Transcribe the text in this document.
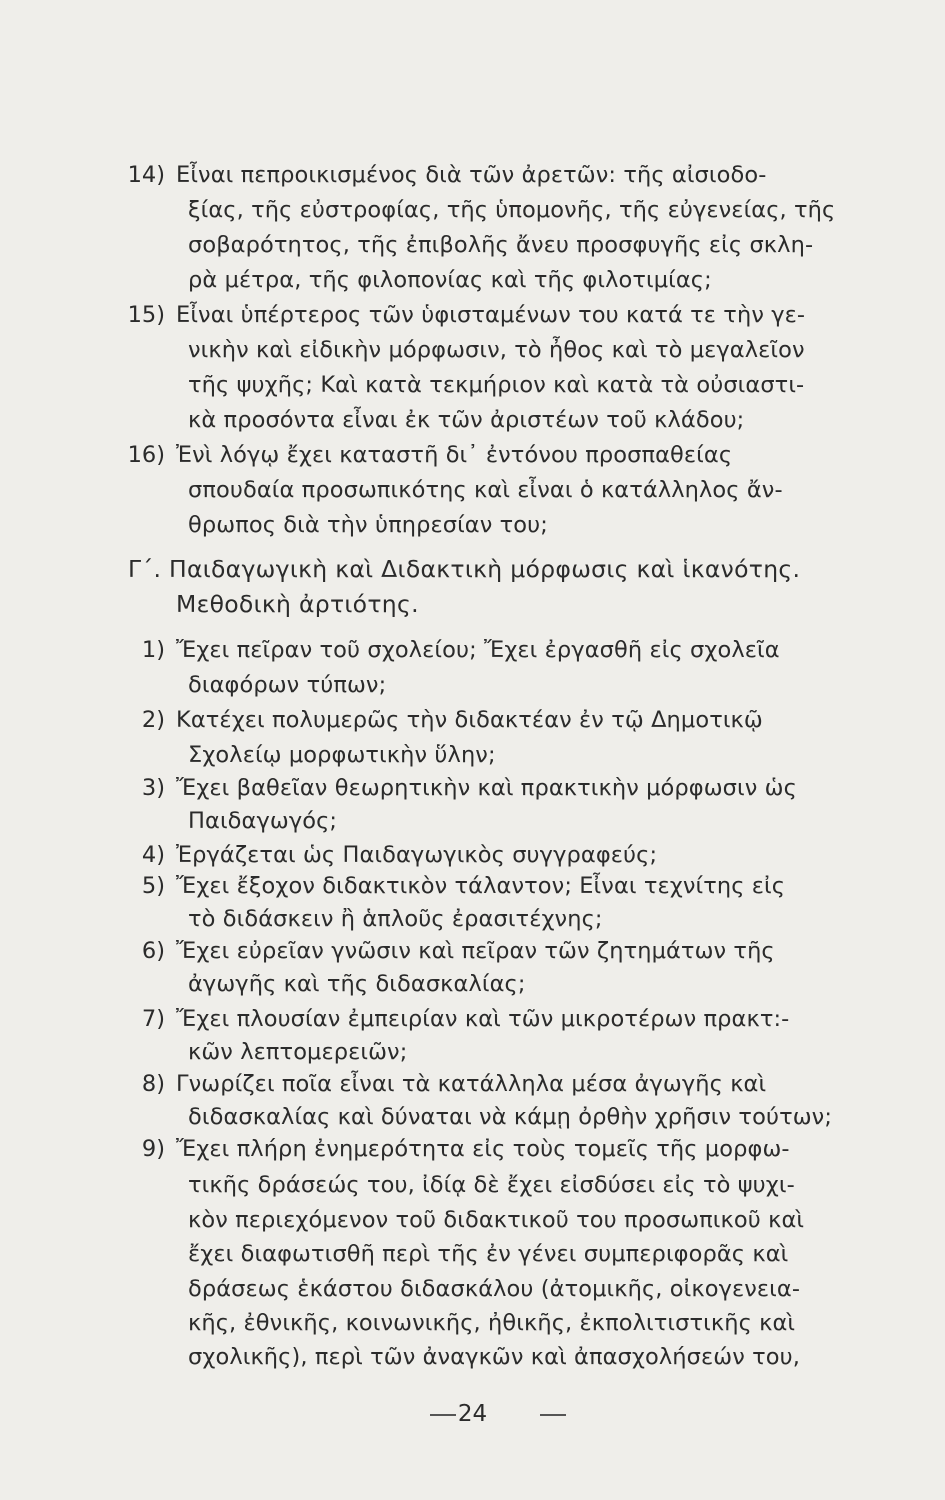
14) Εἶναι πεπροικισμένος διὰ τῶν ἀρετῶν: τῆς αἰσιοδο-
ξίας, τῆς εὐστροφίας, τῆς ὑπομονῆς, τῆς εὐγενείας, τῆς
σοβαρότητος, τῆς ἐπιβολῆς ἄνευ προσφυγῆς εἰς σκλη-
ρὰ μέτρα, τῆς φιλοπονίας καὶ τῆς φιλοτιμίας;
15) Εἶναι ὑπέρτερος τῶν ὑφισταμένων του κατά τε τὴν γε-
νικὴν καὶ εἰδικὴν μόρφωσιν, τὸ ἦθος καὶ τὸ μεγαλεῖον
τῆς ψυχῆς; Καὶ κατὰ τεκμήριον καὶ κατὰ τὰ οὐσιαστι-
κὰ προσόντα εἶναι ἐκ τῶν ἀριστέων τοῦ κλάδου;
16) Ἐνὶ λόγῳ ἔχει καταστῆ δι᾽ ἐντόνου προσπαθείας
σπουδαία προσωπικότης καὶ εἶναι ὁ κατάλληλος ἄν-
θρωπος διὰ τὴν ὑπηρεσίαν του;
Γ΄. Παιδαγωγικὴ καὶ Διδακτικὴ μόρφωσις καὶ ἱκανότης.
Μεθοδικὴ ἀρτιότης.
1) Ἔχει πεῖραν τοῦ σχολείου; Ἔχει ἐργασθῆ εἰς σχολεῖα
διαφόρων τύπων;
2) Κατέχει πολυμερῶς τὴν διδακτέαν ἐν τῷ Δημοτικῷ
Σχολείῳ μορφωτικὴν ὕλην;
3) Ἔχει βαθεῖαν θεωρητικὴν καὶ πρακτικὴν μόρφωσιν ὡς
Παιδαγωγός;
4) Ἐργάζεται ὡς Παιδαγωγικὸς συγγραφεύς;
5) Ἔχει ἔξοχον διδακτικὸν τάλαντον; Εἶναι τεχνίτης εἰς
τὸ διδάσκειν ἢ ἁπλοῦς ἐρασιτέχνης;
6) Ἔχει εὐρεῖαν γνῶσιν καὶ πεῖραν τῶν ζητημάτων τῆς
ἀγωγῆς καὶ τῆς διδασκαλίας;
7) Ἔχει πλουσίαν ἐμπειρίαν καὶ τῶν μικροτέρων πρακτ:-
κῶν λεπτομερειῶν;
8) Γνωρίζει ποῖα εἶναι τὰ κατάλληλα μέσα ἀγωγῆς καὶ
διδασκαλίας καὶ δύναται νὰ κάμῃ ὀρθὴν χρῆσιν τούτων;
9) Ἔχει πλήρη ἐνημερότητα εἰς τοὺς τομεῖς τῆς μορφω-
τικῆς δράσεώς του, ἰδίᾳ δὲ ἔχει εἰσδύσει εἰς τὸ ψυχι-
κὸν περιεχόμενον τοῦ διδακτικοῦ του προσωπικοῦ καὶ
ἔχει διαφωτισθῆ περὶ τῆς ἐν γένει συμπεριφορᾶς καὶ
δράσεως ἑκάστου διδασκάλου (ἀτομικῆς, οἰκογενεια-
κῆς, ἐθνικῆς, κοινωνικῆς, ἠθικῆς, ἐκπολιτιστικῆς καὶ
σχολικῆς), περὶ τῶν ἀναγκῶν καὶ ἀπασχολήσεών του,
24
